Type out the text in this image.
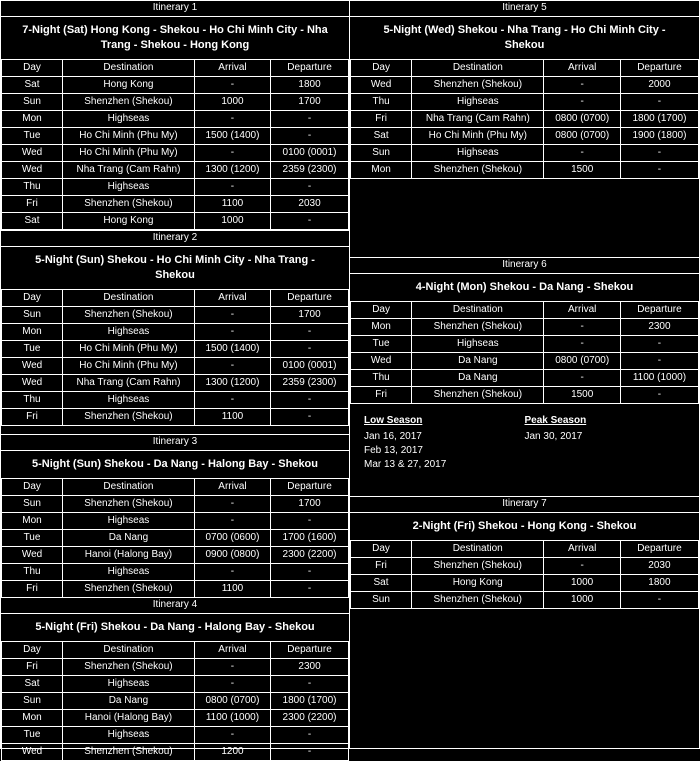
Itinerary 1
7-Night (Sat) Hong Kong - Shekou - Ho Chi Minh City - Nha Trang - Shekou - Hong Kong
Day	Destination	Arrival	Departure
Sat	Hong Kong	-	1800
Sun	Shenzhen (Shekou)	1000	1700
Mon	Highseas	-	-
Tue	Ho Chi Minh (Phu My)	1500 (1400)	-
Wed	Ho Chi Minh (Phu My)	-	0100 (0001)
Wed	Nha Trang (Cam Rahn)	1300 (1200)	2359 (2300)
Thu	Highseas	-	-
Fri	Shenzhen (Shekou)	1100	2030
Sat	Hong Kong	1000	-
Itinerary 2
5-Night (Sun) Shekou - Ho Chi Minh City - Nha Trang - Shekou
Day	Destination	Arrival	Departure
Sun	Shenzhen (Shekou)	-	1700
Mon	Highseas	-	-
Tue	Ho Chi Minh (Phu My)	1500 (1400)	-
Wed	Ho Chi Minh (Phu My)	-	0100 (0001)
Wed	Nha Trang (Cam Rahn)	1300 (1200)	2359 (2300)
Thu	Highseas	-	-
Fri	Shenzhen (Shekou)	1100	-
Itinerary 3
5-Night (Sun) Shekou - Da Nang - Halong Bay - Shekou
Day	Destination	Arrival	Departure
Sun	Shenzhen (Shekou)	-	1700
Mon	Highseas	-	-
Tue	Da Nang	0700 (0600)	1700 (1600)
Wed	Hanoi (Halong Bay)	0900 (0800)	2300 (2200)
Thu	Highseas	-	-
Fri	Shenzhen (Shekou)	1100	-
Itinerary 4
5-Night (Fri) Shekou - Da Nang - Halong Bay - Shekou
Day	Destination	Arrival	Departure
Fri	Shenzhen (Shekou)	-	2300
Sat	Highseas	-	-
Sun	Da Nang	0800 (0700)	1800 (1700)
Mon	Hanoi (Halong Bay)	1100 (1000)	2300 (2200)
Tue	Highseas	-	-
Wed	Shenzhen (Shekou)	1200	-
Itinerary 5
5-Night (Wed) Shekou - Nha Trang - Ho Chi Minh City - Shekou
Day	Destination	Arrival	Departure
Wed	Shenzhen (Shekou)	-	2000
Thu	Highseas	-	-
Fri	Nha Trang (Cam Rahn)	0800 (0700)	1800 (1700)
Sat	Ho Chi Minh (Phu My)	0800 (0700)	1900 (1800)
Sun	Highseas	-	-
Mon	Shenzhen (Shekou)	1500	-
Itinerary 6
4-Night (Mon) Shekou - Da Nang - Shekou
Day	Destination	Arrival	Departure
Mon	Shenzhen (Shekou)	-	2300
Tue	Highseas	-	-
Wed	Da Nang	0800 (0700)	-
Thu	Da Nang	-	1100 (1000)
Fri	Shenzhen (Shekou)	1500	-
Low Season
Jan 16, 2017
Feb 13, 2017
Mar 13 & 27, 2017
Peak Season
Jan 30, 2017
Itinerary 7
2-Night (Fri) Shekou - Hong Kong - Shekou
Day	Destination	Arrival	Departure
Fri	Shenzhen (Shekou)	-	2030
Sat	Hong Kong	1000	1800
Sun	Shenzhen (Shekou)	1000	-
